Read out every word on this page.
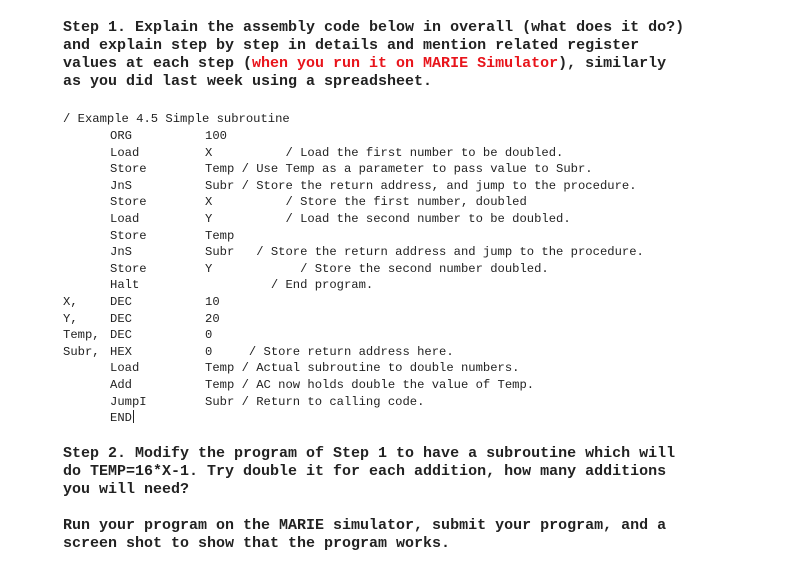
Step 1. Explain the assembly code below in overall (what does it do?)
and explain step by step in details and mention related register
values at each step (when you run it on MARIE Simulator), similarly
as you did last week using a spreadsheet.
/ Example 4.5 Simple subroutine
ORG	100
Load	X          / Load the first number to be doubled.
Store	Temp / Use Temp as a parameter to pass value to Subr.
JnS	Subr / Store the return address, and jump to the procedure.
Store	X          / Store the first number, doubled
Load	Y          / Load the second number to be doubled.
Store	Temp
JnS	Subr   / Store the return address and jump to the procedure.
Store	Y            / Store the second number doubled.
Halt	/ End program.
X,	DEC	10
Y,	DEC	20
Temp, DEC	0
Subr, HEX	0     / Store return address here.
Load	Temp / Actual subroutine to double numbers.
Add	Temp / AC now holds double the value of Temp.
JumpI	Subr / Return to calling code.
END
Step 2. Modify the program of Step 1 to have a subroutine which will
do TEMP=16*X-1. Try double it for each addition, how many additions
you will need?
Run your program on the MARIE simulator, submit your program, and a
screen shot to show that the program works.
